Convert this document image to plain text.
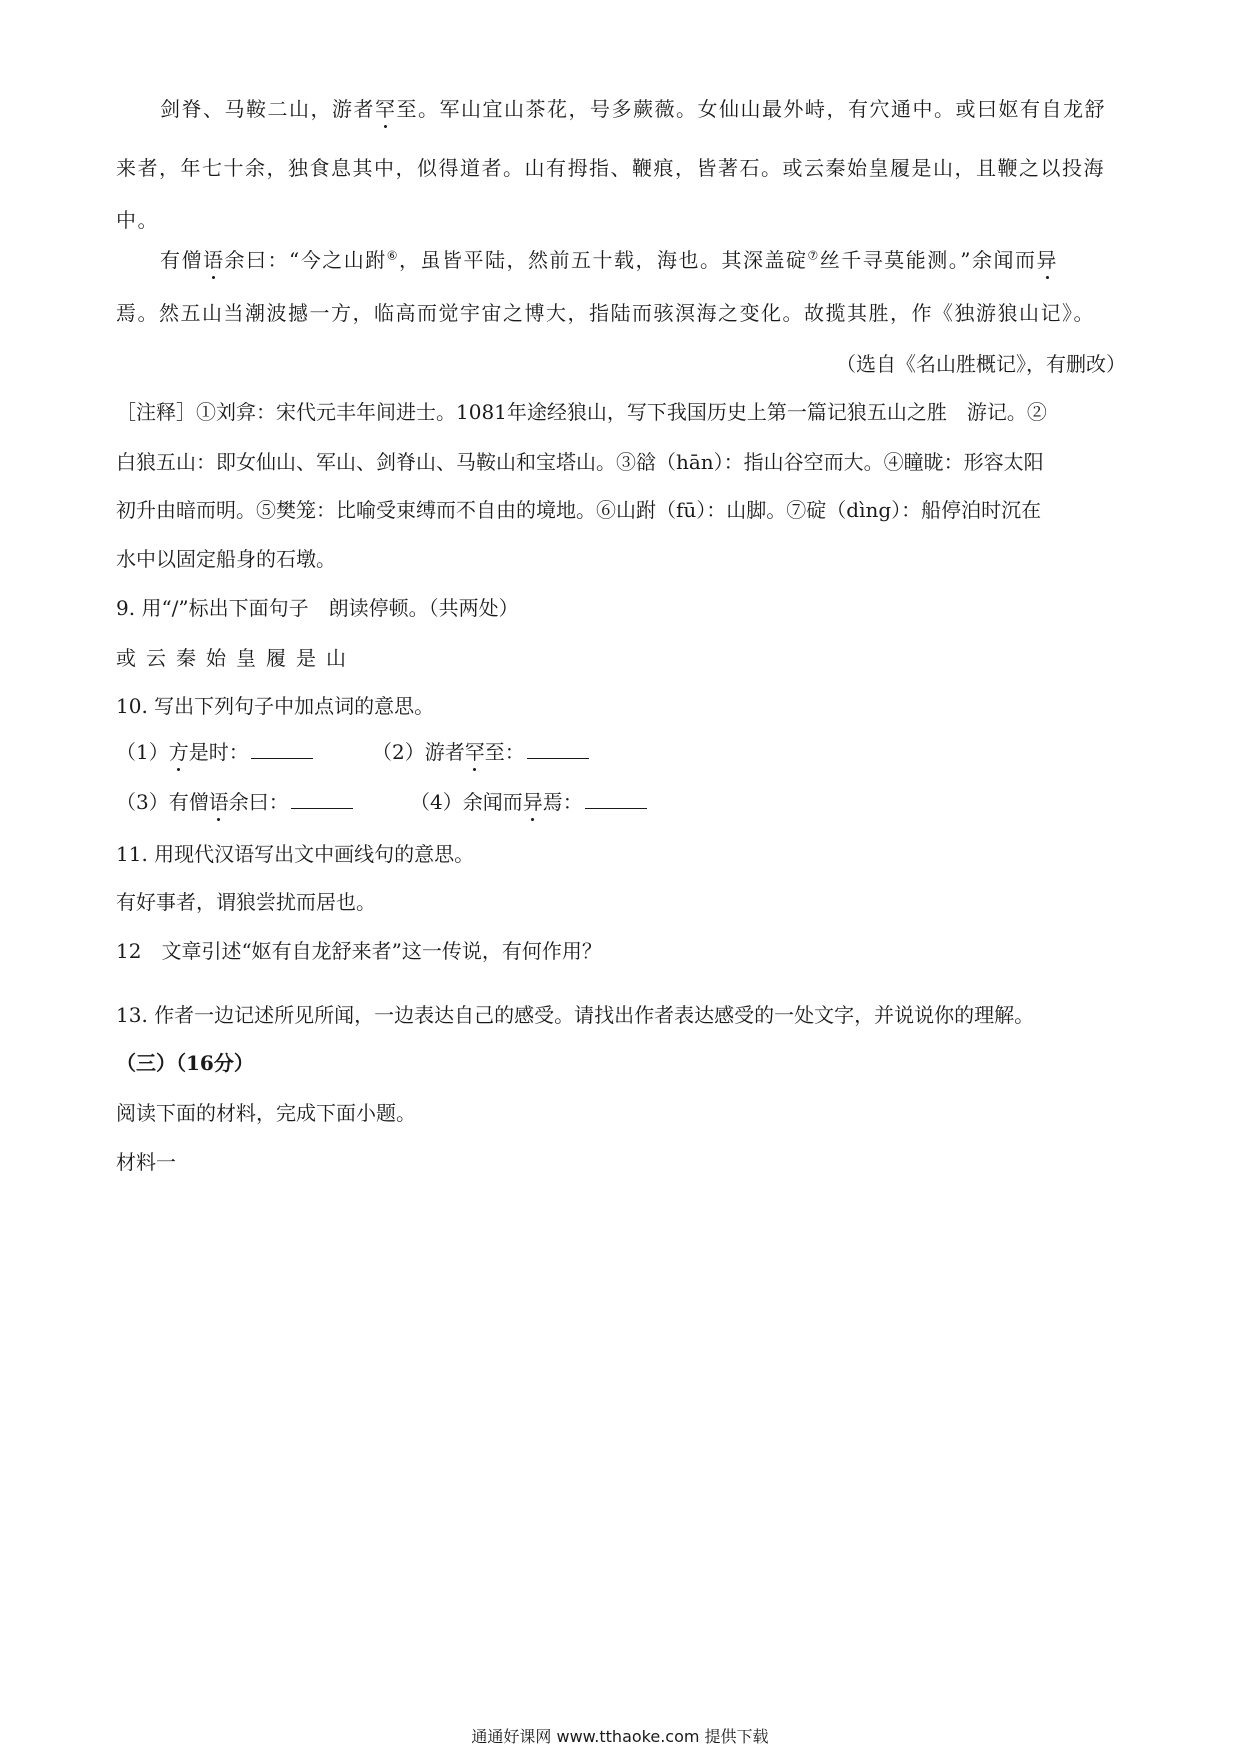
剑脊、马鞍二山，游者罕至。军山宜山茶花，号多蕨薇。女仙山最外峙，有穴通中。或曰妪有自龙舒
来者，年七十余，独食息其中，似得道者。山有拇指、鞭痕，皆著石。或云秦始皇履是山，且鞭之以投海
中。
有僧语余曰：“今之山跗⑥，虽皆平陆，然前五十载，海也。其深盖碇⑦丝千寻莫能测。”余闻而异
焉。然五山当潮波撼一方，临高而觉宇宙之博大，指陆而骇溟海之变化。故揽其胜，作《独游狼山记》。
（选自《名山胜概记》，有删改）
［注释］①刘弇：宋代元丰年间进士。1081年途经狼山，写下我国历史上第一篇记狼五山之胜　游记。②
白狼五山：即女仙山、军山、剑脊山、马鞍山和宝塔山。③谽（hān）：指山谷空而大。④瞳昽：形容太阳
初升由暗而明。⑤樊笼：比喻受束缚而不自由的境地。⑥山跗（fū）：山脚。⑦碇（dìng）：船停泊时沉在
水中以固定船身的石墩。
9. 用“/”标出下面句子　朗读停顿。（共两处）
或  云  秦  始  皇  履  是  山
10. 写出下列句子中加点词的意思。
（1）方是时：	（2）游者罕至：
（3）有僧语余曰：	（4）余闻而异焉：
11. 用现代汉语写出文中画线句的意思。
有好事者，谓狼尝扰而居也。
12　文章引述“妪有自龙舒来者”这一传说，有何作用？
13. 作者一边记述所见所闻，一边表达自己的感受。请找出作者表达感受的一处文字，并说说你的理解。
（三）（16分）
阅读下面的材料，完成下面小题。
材料一
通通好课网 www.tthaoke.com 提供下载
